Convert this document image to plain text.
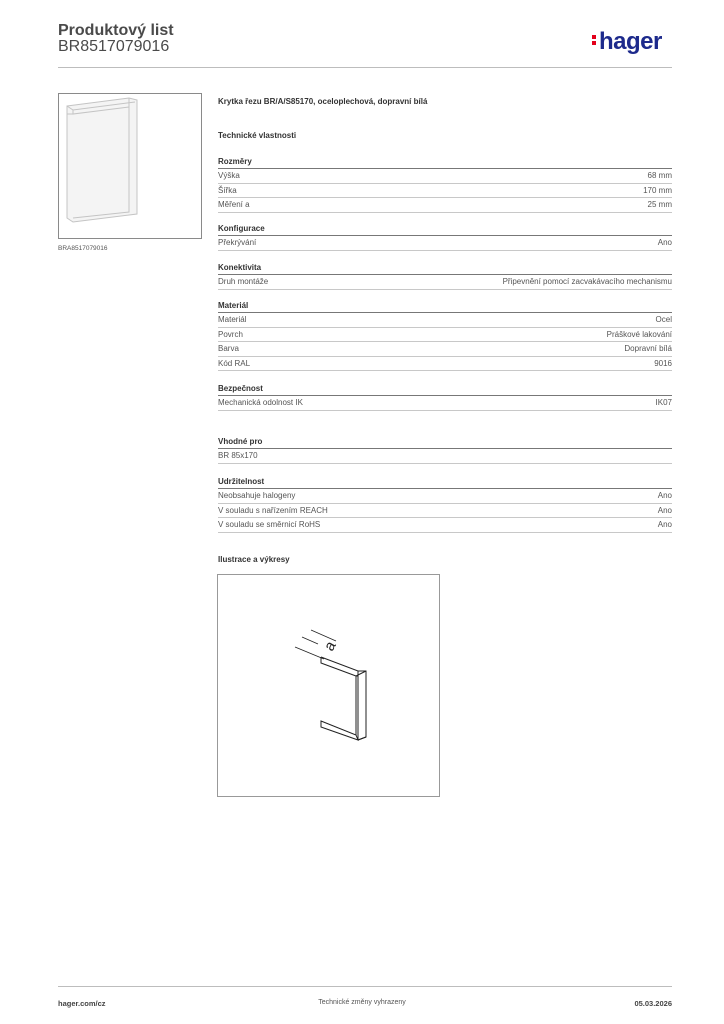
Produktový list
BR8517079016	hager
BRA8517079016
Krytka řezu BR/A/S85170, oceloplechová, dopravní bílá
Technické vlastnosti
Rozměry
Výška	68 mm
Šířka	170 mm
Měření a	25 mm
Konfigurace
Překrývání	Ano
Konektivita
Druh montáže	Připevnění pomocí zacvakávacího mechanismu
Materiál
Materiál	Ocel
Povrch	Práškové lakování
Barva	Dopravní bílá
Kód RAL	9016
Bezpečnost
Mechanická odolnost IK	IK07
Vhodné pro
BR 85x170
Udržitelnost
Neobsahuje halogeny	Ano
V souladu s nařízením REACH	Ano
V souladu se směrnicí RoHS	Ano
Ilustrace a výkresy
a
hager.com/cz	Technické změny vyhrazeny	05.03.2026
